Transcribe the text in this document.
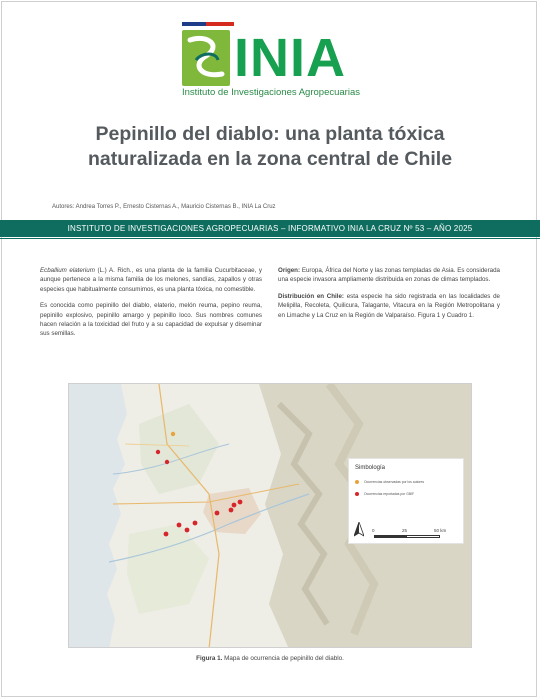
INIA
Instituto de Investigaciones Agropecuarias
Pepinillo del diablo: una planta tóxica
naturalizada en la zona central de Chile
Autores: Andrea Torres P., Ernesto Cisternas A., Mauricio Cisternas B., INIA La Cruz
INSTITUTO DE INVESTIGACIONES AGROPECUARIAS – INFORMATIVO INIA LA CRUZ Nº 53 – AÑO 2025

Ecballium elaterium (L.) A. Rich., es una planta de la familia Cucurbitaceae, y aunque pertenece a la misma familia de los melones, sandías, zapallos y otras especies que habitualmente consumimos, es una planta tóxica, no comestible.

Es conocida como pepinillo del diablo, elaterio, melón reuma, pepino reuma, pepinillo explosivo, pepinillo amargo y pepinillo loco. Sus nombres comunes hacen relación a la toxicidad del fruto y a su capacidad de expulsar y diseminar sus semillas.

Origen: Europa, África del Norte y las zonas templadas de Asia. Es considerada una especie invasora ampliamente distribuida en zonas de climas templados.

Distribución en Chile: esta especie ha sido registrada en las localidades de Melipilla, Recoleta, Quilicura, Talagante, Vitacura en la Región Metropolitana y en Limache y La Cruz en la Región de Valparaíso. Figura 1 y Cuadro 1.

Simbología
Ocurrencias observadas por los autores
Ocurrencias reportadas por GBIF
0	25	50 km
Figura 1. Mapa de ocurrencia de pepinillo del diablo.
